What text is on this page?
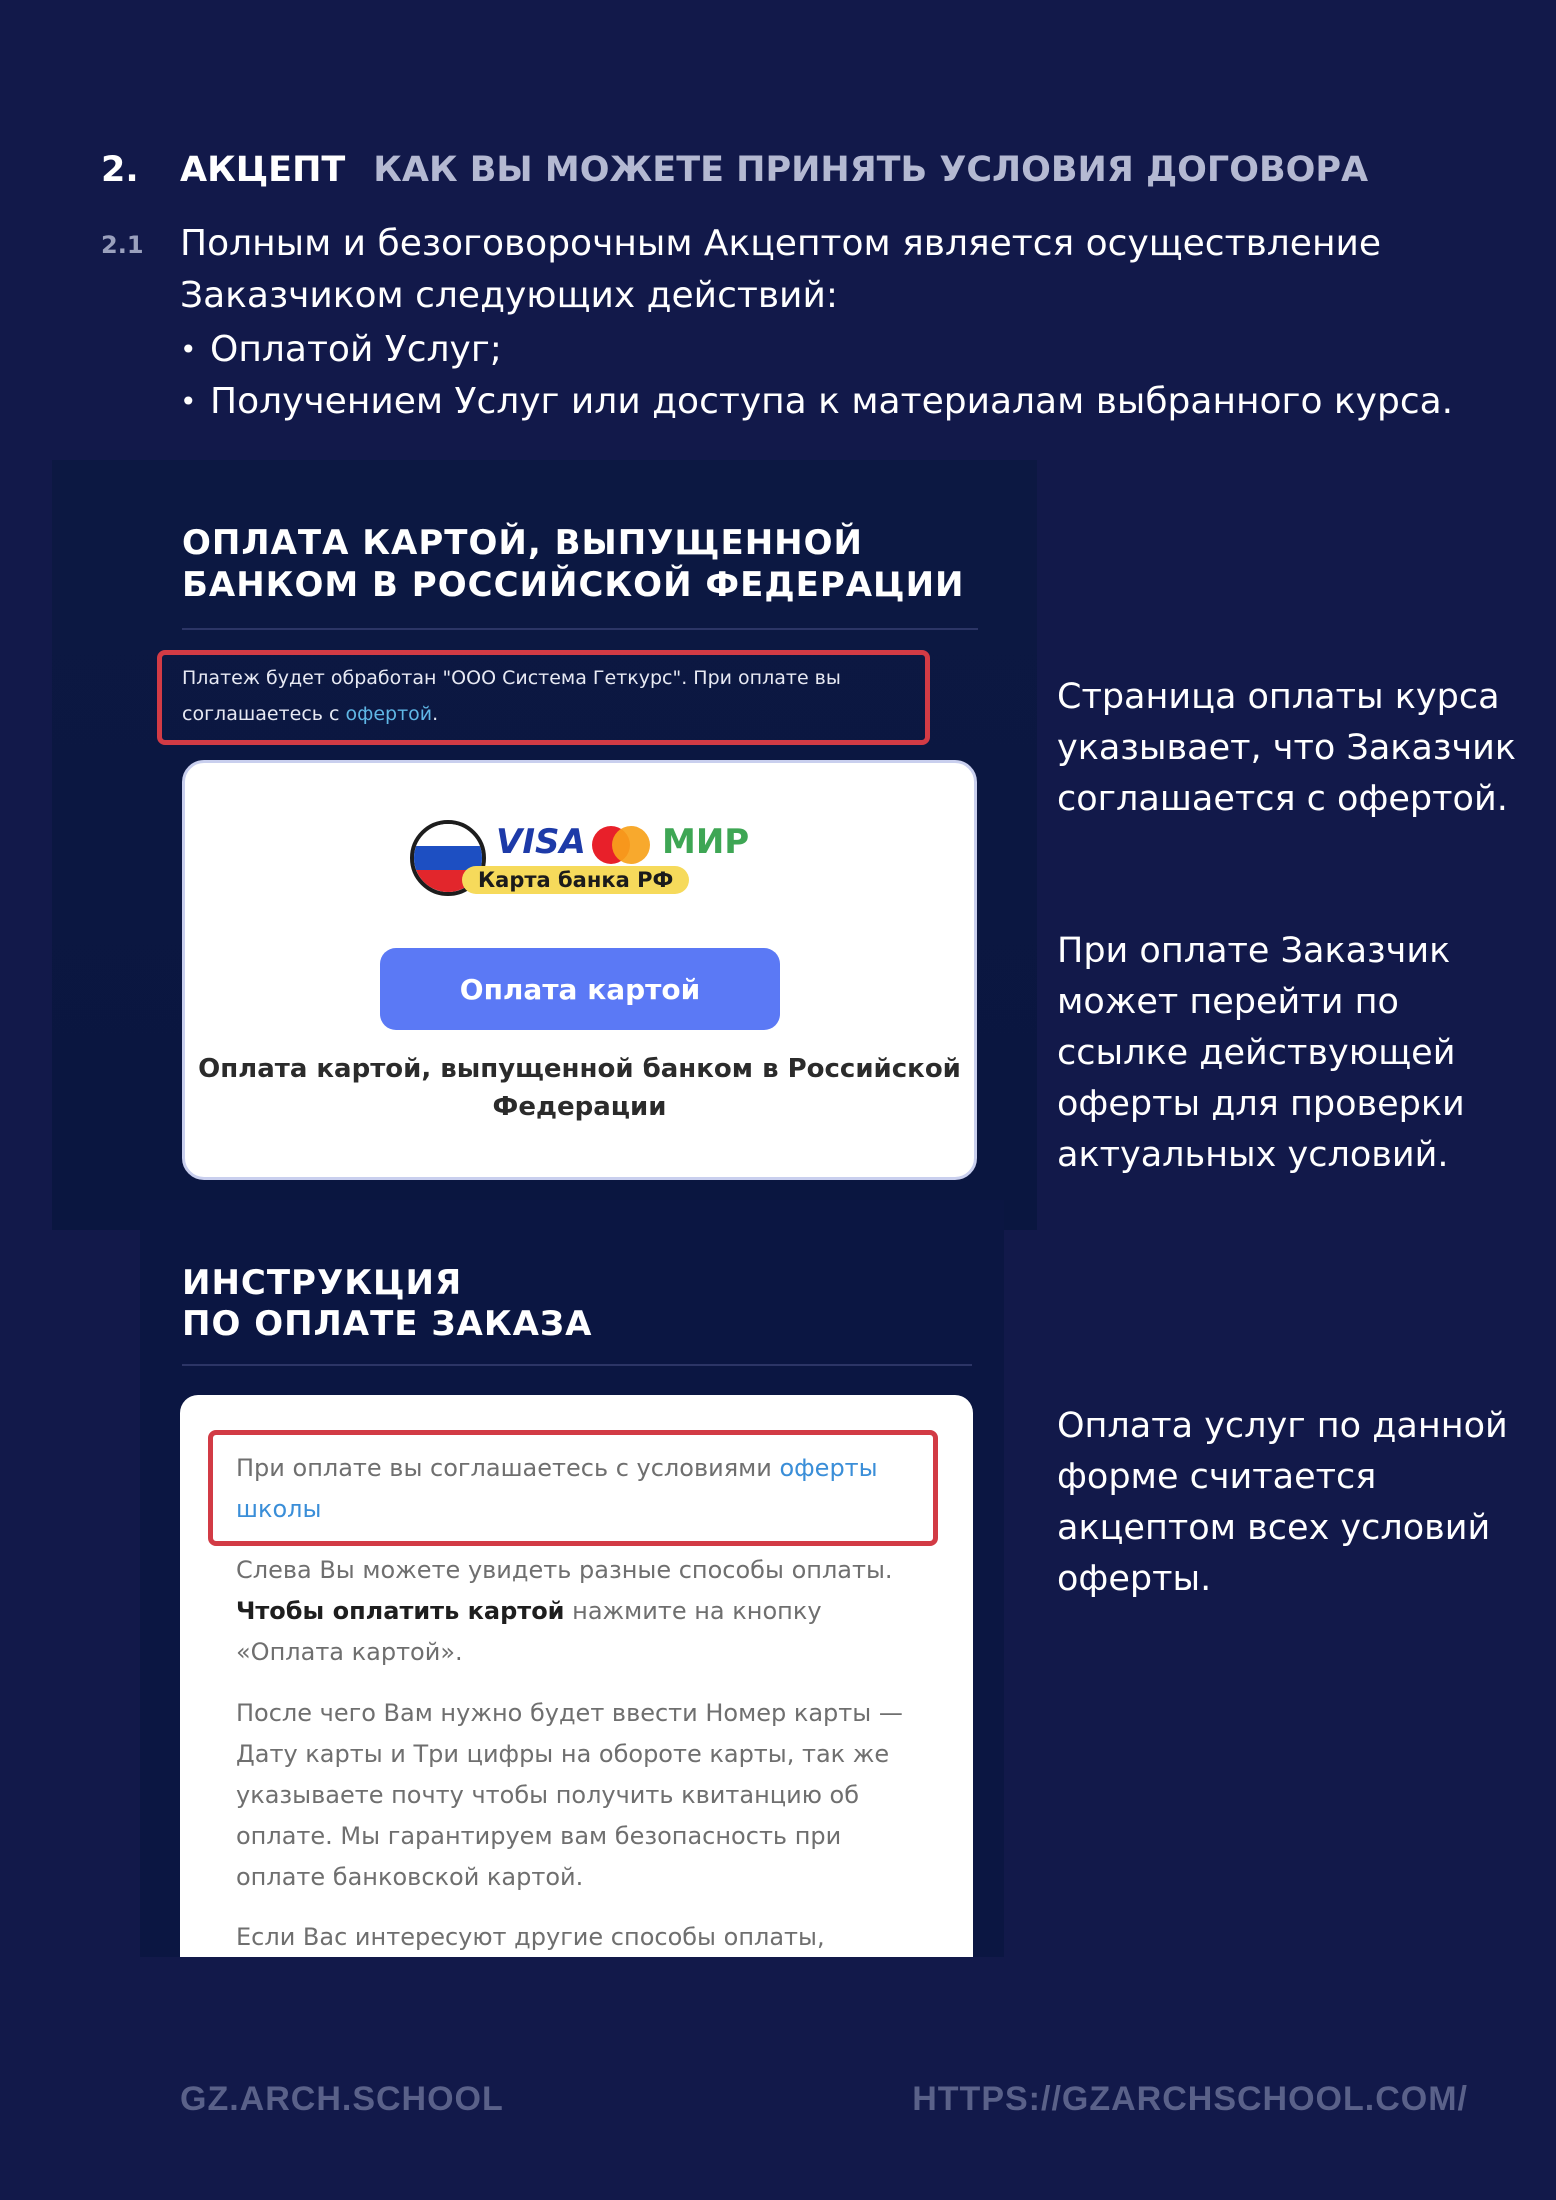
2. АКЦЕПТ КАК ВЫ МОЖЕТЕ ПРИНЯТЬ УСЛОВИЯ ДОГОВОРА
2.1 Полным и безоговорочным Акцептом является осуществление Заказчиком следующих действий:
• Оплатой Услуг;
• Получением Услуг или доступа к материалам выбранного курса.
ОПЛАТА КАРТОЙ, ВЫПУЩЕННОЙ
БАНКОМ В РОССИЙСКОЙ ФЕДЕРАЦИИ
Платеж будет обработан "ООО Система Геткурс". При оплате вы соглашаетесь с офертой.
VISA МИР
Карта банка РФ
Оплата картой
Оплата картой, выпущенной банком в Российской Федерации
ИНСТРУКЦИЯ
ПО ОПЛАТЕ ЗАКАЗА
При оплате вы соглашаетесь с условиями оферты школы
Слева Вы можете увидеть разные способы оплаты. Чтобы оплатить картой нажмите на кнопку «Оплата картой».
После чего Вам нужно будет ввести Номер карты — Дату карты и Три цифры на обороте карты, так же указываете почту чтобы получить квитанцию об оплате. Мы гарантируем вам безопасность при оплате банковской картой.
Если Вас интересуют другие способы оплаты,
Страница оплаты курса указывает, что Заказчик соглашается с офертой.
При оплате Заказчик может перейти по ссылке действующей оферты для проверки актуальных условий.
Оплата услуг по данной форме считается акцептом всех условий оферты.
GZ.ARCH.SCHOOL	HTTPS://GZARCHSCHOOL.COM/
